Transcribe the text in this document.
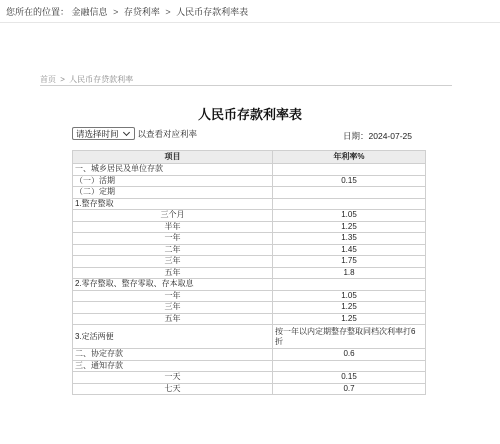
您所在的位置： 金融信息 > 存贷利率 > 人民币存款利率表
首页 > 人民币存贷款利率
人民币存款利率表
请选择时间 以查看对应利率	日期：2024-07-25
项目	年利率%
一、城乡居民及单位存款	
（一）活期	0.15
（二）定期	
1.整存整取	
三个月	1.05
半年	1.25
一年	1.35
二年	1.45
三年	1.75
五年	1.8
2.零存整取、整存零取、存本取息	
一年	1.05
三年	1.25
五年	1.25
3.定活两便	按一年以内定期整存整取同档次利率打6折
二、协定存款	0.6
三、通知存款	
一天	0.15
七天	0.7
